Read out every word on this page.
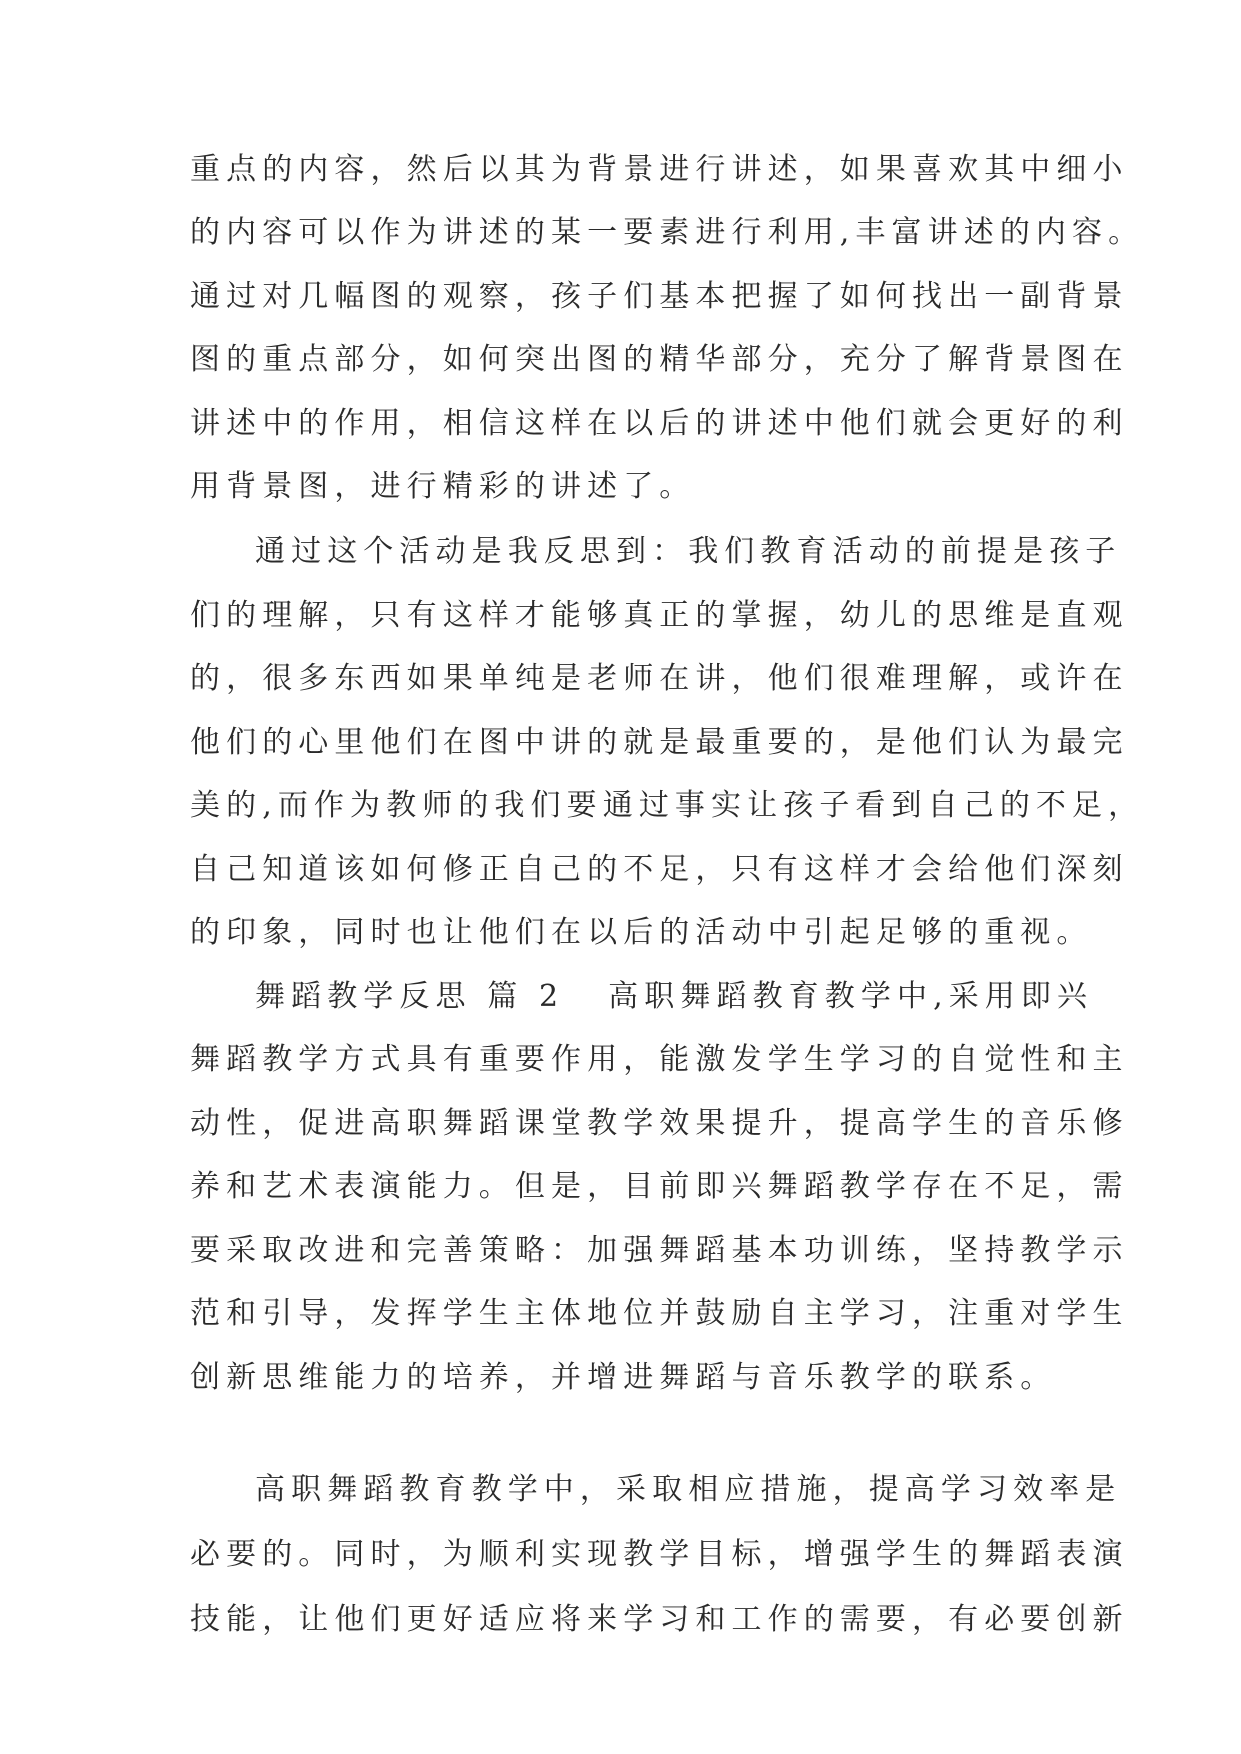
重点的内容，然后以其为背景进行讲述，如果喜欢其中细小
的内容可以作为讲述的某一要素进行利用,丰富讲述的内容。
通过对几幅图的观察，孩子们基本把握了如何找出一副背景
图的重点部分，如何突出图的精华部分，充分了解背景图在
讲述中的作用，相信这样在以后的讲述中他们就会更好的利
用背景图，进行精彩的讲述了。
通过这个活动是我反思到：我们教育活动的前提是孩子
们的理解，只有这样才能够真正的掌握，幼儿的思维是直观
的，很多东西如果单纯是老师在讲，他们很难理解，或许在
他们的心里他们在图中讲的就是最重要的，是他们认为最完
美的,而作为教师的我们要通过事实让孩子看到自己的不足，
自己知道该如何修正自己的不足，只有这样才会给他们深刻
的印象，同时也让他们在以后的活动中引起足够的重视。
舞蹈教学反思 篇 2 高职舞蹈教育教学中,采用即兴
舞蹈教学方式具有重要作用，能激发学生学习的自觉性和主
动性，促进高职舞蹈课堂教学效果提升，提高学生的音乐修
养和艺术表演能力。但是，目前即兴舞蹈教学存在不足，需
要采取改进和完善策略：加强舞蹈基本功训练，坚持教学示
范和引导，发挥学生主体地位并鼓励自主学习，注重对学生
创新思维能力的培养，并增进舞蹈与音乐教学的联系。
高职舞蹈教育教学中，采取相应措施，提高学习效率是
必要的。同时，为顺利实现教学目标，增强学生的舞蹈表演
技能，让他们更好适应将来学习和工作的需要，有必要创新
